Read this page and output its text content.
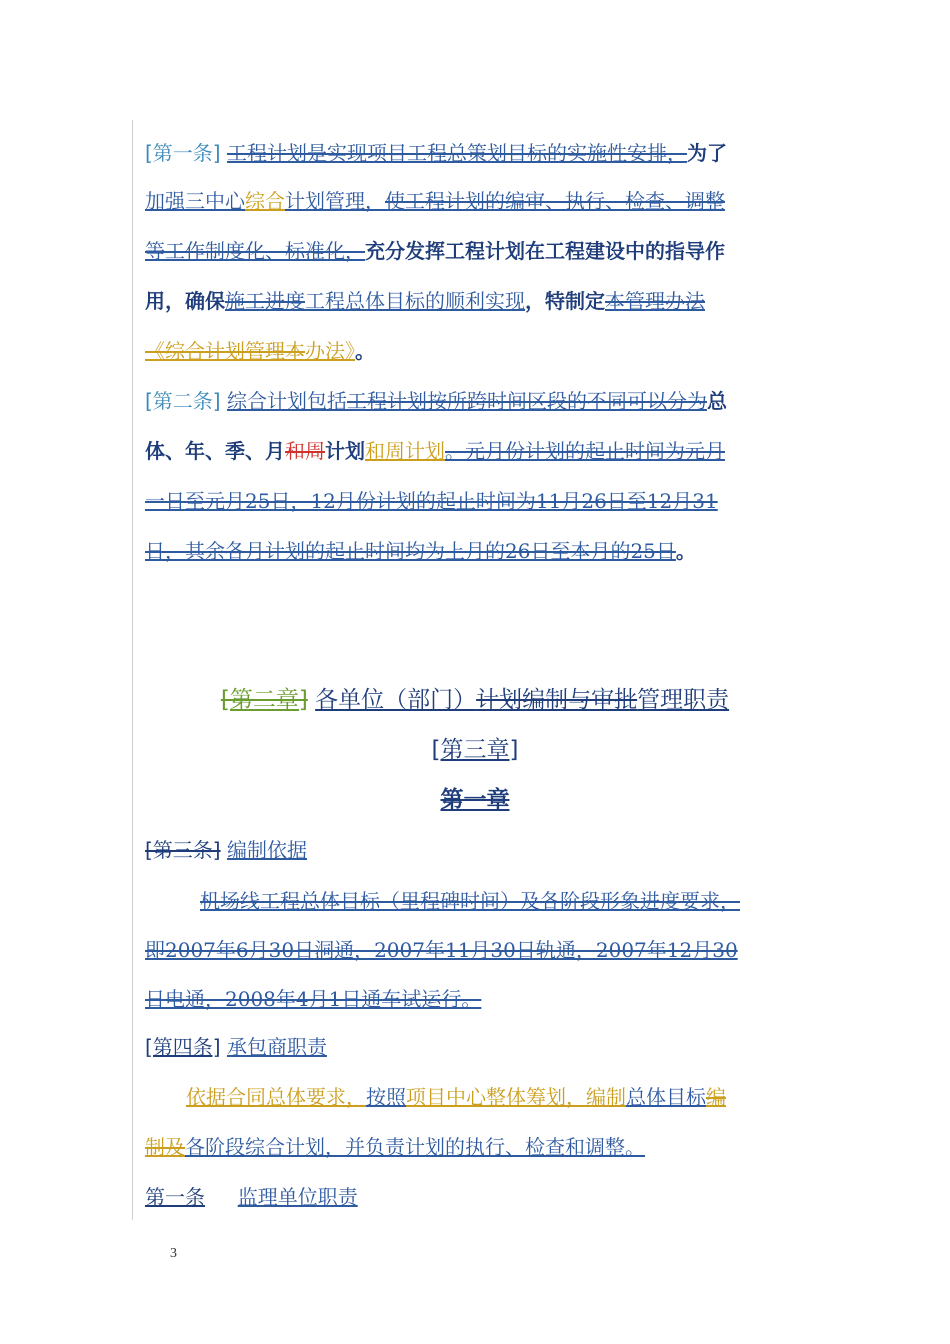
[第一条] 工程计划是实现项目工程总策划目标的实施性安排，为了
加强三中心综合计划管理，使工程计划的编审、执行、检查、调整
等工作制度化、标准化，充分发挥工程计划在工程建设中的指导作
用，确保施工进度工程总体目标的顺利实现，特制定本管理办法
《综合计划管理本办法》。
[第二条] 综合计划包括工程计划按所跨时间区段的不同可以分为总
体、年、季、月和周计划和周计划。元月份计划的起止时间为元月
一日至元月25日，12月份计划的起止时间为11月26日至12月31
日，其余各月计划的起止时间均为上月的26日至本月的25日。
[第二章] 各单位（部门）计划编制与审批管理职责
[第三章]
第一章
[第三条] 编制依据
机场线工程总体目标（里程碑时间）及各阶段形象进度要求，
即2007年6月30日洞通，2007年11月30日轨通，2007年12月30
日电通，2008年4月1日通车试运行。
[第四条] 承包商职责
依据合同总体要求，按照项目中心整体筹划，编制总体目标编
制及各阶段综合计划，并负责计划的执行、检查和调整。
第一条 监理单位职责
3
